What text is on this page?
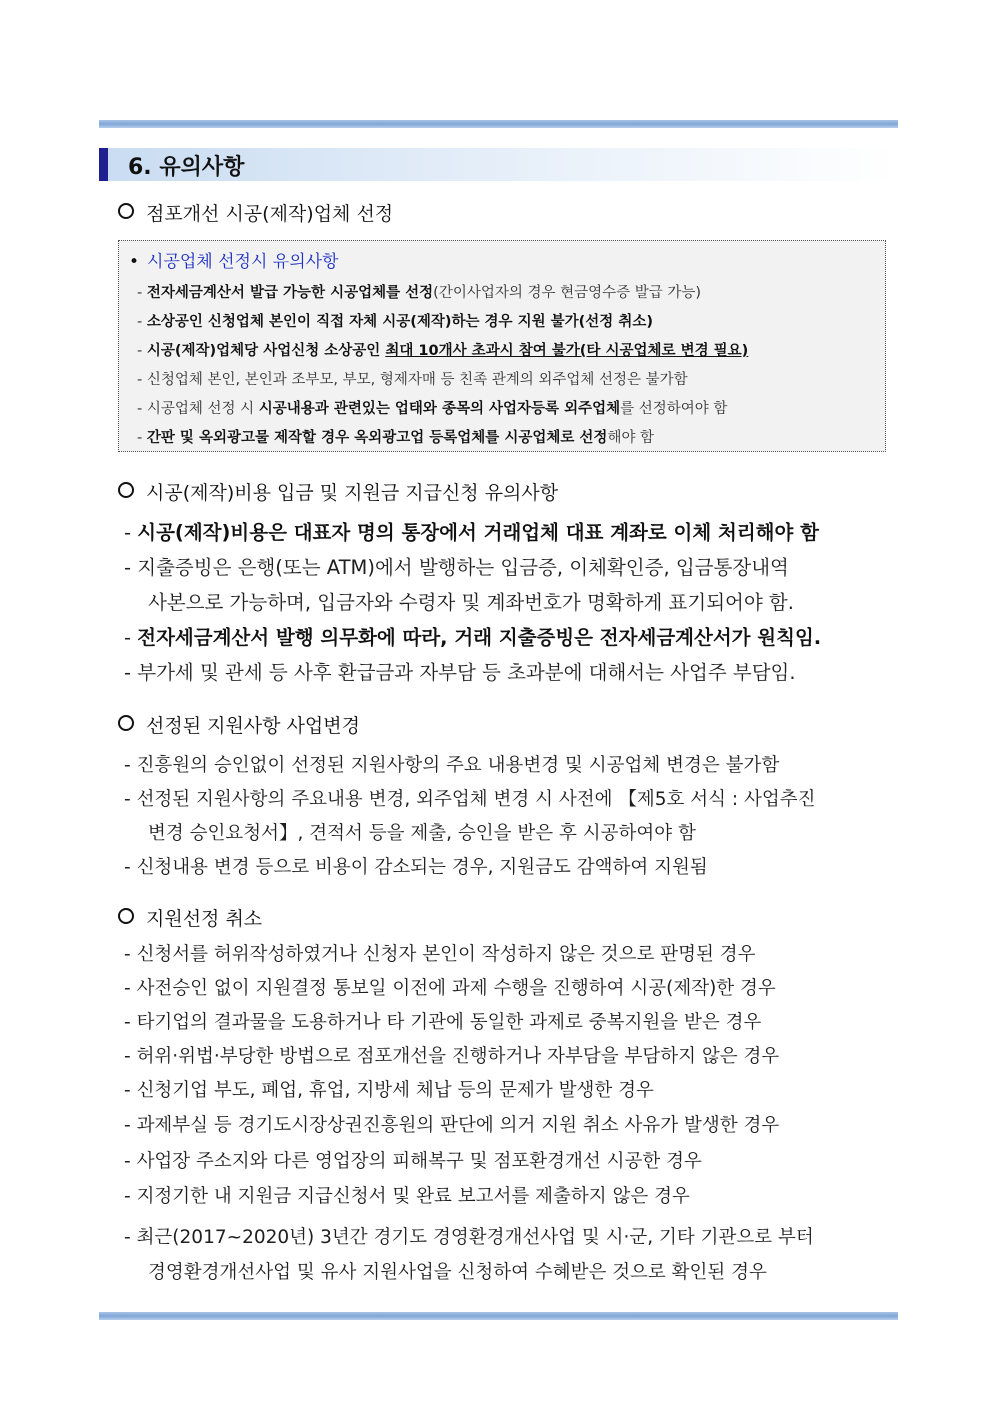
6. 유의사항
점포개선 시공(제작)업체 선정
• 시공업체 선정시 유의사항
- 전자세금계산서 발급 가능한 시공업체를 선정(간이사업자의 경우 현금영수증 발급 가능)
- 소상공인 신청업체 본인이 직접 자체 시공(제작)하는 경우 지원 불가(선정 취소)
- 시공(제작)업체당 사업신청 소상공인 최대 10개사 초과시 참여 불가(타 시공업체로 변경 필요)
- 신청업체 본인, 본인과 조부모, 부모, 형제자매 등 친족 관계의 외주업체 선정은 불가함
- 시공업체 선정 시 시공내용과 관련있는 업태와 종목의 사업자등록 외주업체를 선정하여야 함
- 간판 및 옥외광고물 제작할 경우 옥외광고업 등록업체를 시공업체로 선정해야 함
시공(제작)비용 입금 및 지원금 지급신청 유의사항
- 시공(제작)비용은 대표자 명의 통장에서 거래업체 대표 계좌로 이체 처리해야 함
- 지출증빙은 은행(또는 ATM)에서 발행하는 입금증, 이체확인증, 입금통장내역
사본으로 가능하며, 입금자와 수령자 및 계좌번호가 명확하게 표기되어야 함.
- 전자세금계산서 발행 의무화에 따라, 거래 지출증빙은 전자세금계산서가 원칙임.
- 부가세 및 관세 등 사후 환급금과 자부담 등 초과분에 대해서는 사업주 부담임.
선정된 지원사항 사업변경
- 진흥원의 승인없이 선정된 지원사항의 주요 내용변경 및 시공업체 변경은 불가함
- 선정된 지원사항의 주요내용 변경, 외주업체 변경 시 사전에 【제5호 서식 : 사업추진
변경 승인요청서】, 견적서 등을 제출, 승인을 받은 후 시공하여야 함
- 신청내용 변경 등으로 비용이 감소되는 경우, 지원금도 감액하여 지원됨
지원선정 취소
- 신청서를 허위작성하였거나 신청자 본인이 작성하지 않은 것으로 판명된 경우
- 사전승인 없이 지원결정 통보일 이전에 과제 수행을 진행하여 시공(제작)한 경우
- 타기업의 결과물을 도용하거나 타 기관에 동일한 과제로 중복지원을 받은 경우
- 허위·위법·부당한 방법으로 점포개선을 진행하거나 자부담을 부담하지 않은 경우
- 신청기업 부도, 폐업, 휴업, 지방세 체납 등의 문제가 발생한 경우
- 과제부실 등 경기도시장상권진흥원의 판단에 의거 지원 취소 사유가 발생한 경우
- 사업장 주소지와 다른 영업장의 피해복구 및 점포환경개선 시공한 경우
- 지정기한 내 지원금 지급신청서 및 완료 보고서를 제출하지 않은 경우
- 최근(2017~2020년) 3년간 경기도 경영환경개선사업 및 시·군, 기타 기관으로 부터
경영환경개선사업 및 유사 지원사업을 신청하여 수혜받은 것으로 확인된 경우
